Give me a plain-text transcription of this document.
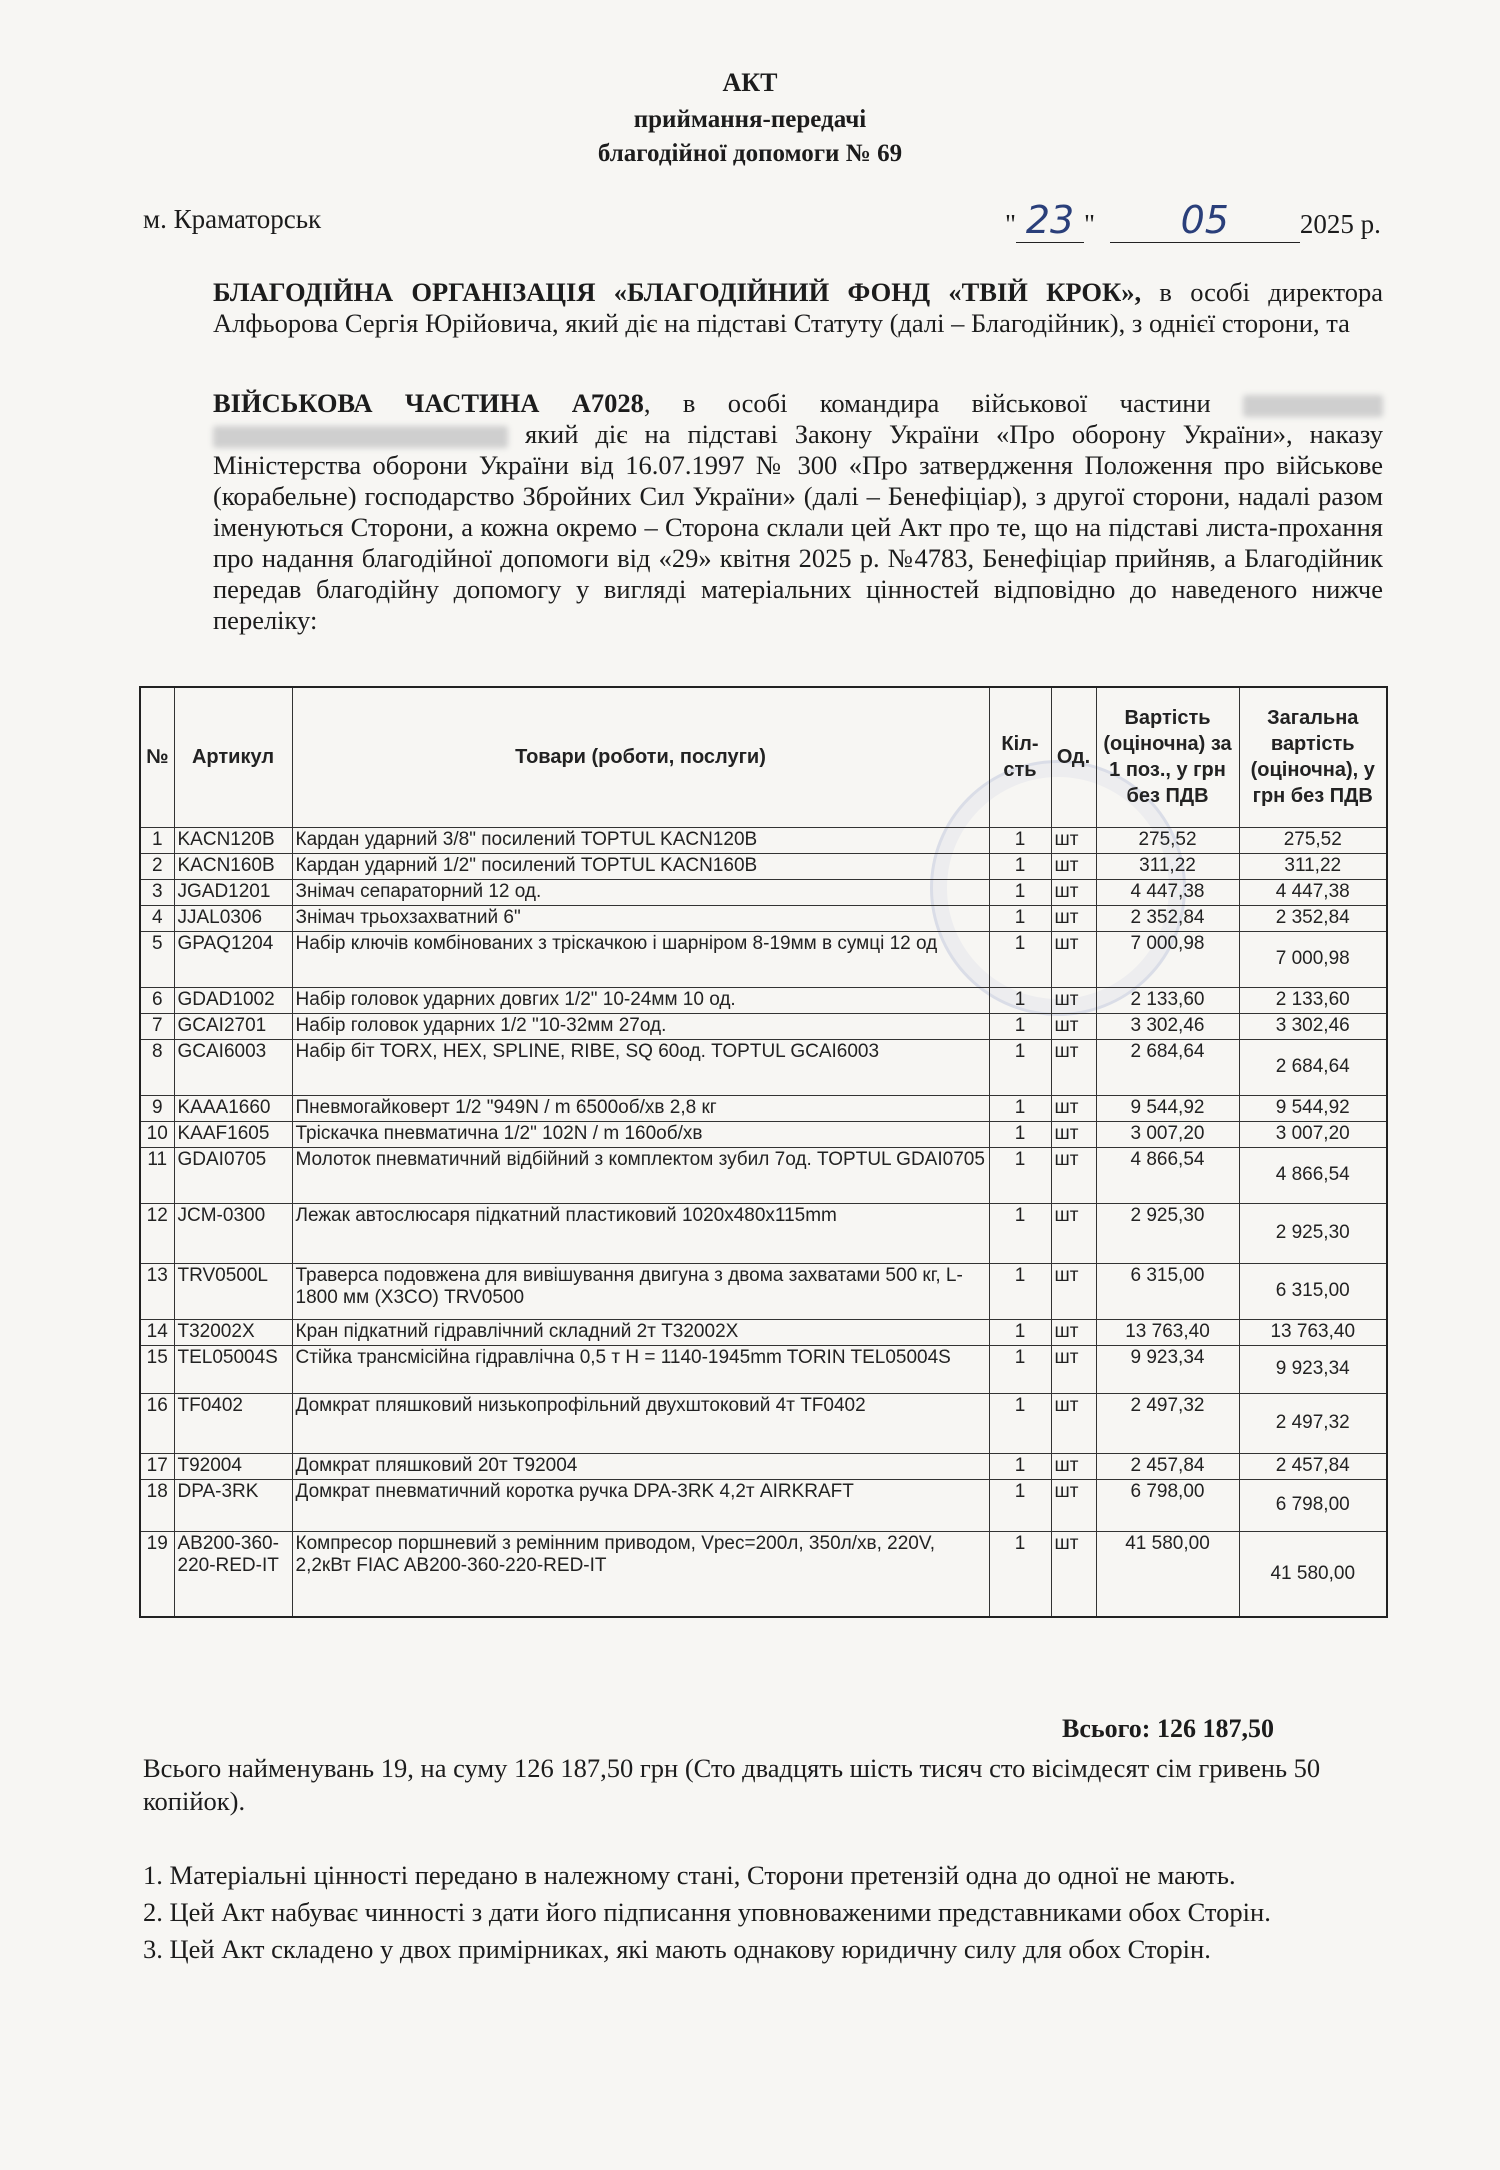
АКТ
приймання-передачі
благодійної допомоги № 69
м. Краматорськ	" 23 " 05	2025 р.

БЛАГОДІЙНА ОРГАНІЗАЦІЯ «БЛАГОДІЙНИЙ ФОНД «ТВІЙ КРОК», в особі директора Алфьорова Сергія Юрійовича, який діє на підставі Статуту (далі – Благодійник), з однієї сторони, та

ВІЙСЬКОВА ЧАСТИНА А7028, в особі командира військової частини   який діє на підставі Закону України «Про оборону України», наказу Міністерства оборони України від 16.07.1997 № 300 «Про затвердження Положення про військове (корабельне) господарство Збройних Сил України» (далі – Бенефіціар), з другої сторони, надалі разом іменуються Сторони, а кожна окремо – Сторона склали цей Акт про те, що на підставі листа-прохання про надання благодійної допомоги від «29» квітня 2025 р. №4783, Бенефіціар прийняв, а Благодійник передав благодійну допомогу у вигляді матеріальних цінностей відповідно до наведеного нижче переліку:

№	Артикул	Товари (роботи, послуги)	Кіл-сть	Од.	Вартість (оціночна) за 1 поз., у грн без ПДВ	Загальна вартість (оціночна), у грн без ПДВ
1	KACN120B	Кардан ударний 3/8" посилений TOPTUL KACN120B	1	шт	275,52	275,52
2	KACN160B	Кардан ударний 1/2" посилений TOPTUL KACN160B	1	шт	311,22	311,22
3	JGAD1201	Знімач сепараторний 12 од.	1	шт	4 447,38	4 447,38
4	JJAL0306	Знімач трьохзахватний 6"	1	шт	2 352,84	2 352,84
5	GPAQ1204	Набір ключів комбінованих з тріскачкою і шарніром 8-19мм в сумці 12 од	1	шт	7 000,98	7 000,98
6	GDAD1002	Набір головок ударних довгих 1/2" 10-24мм 10 од.	1	шт	2 133,60	2 133,60
7	GCAI2701	Набір головок ударних 1/2 "10-32мм 27од.	1	шт	3 302,46	3 302,46
8	GCAI6003	Набір біт TORX, HEX, SPLINE, RIBE, SQ 60од. TOPTUL GCAI6003	1	шт	2 684,64	2 684,64
9	KAAA1660	Пневмогайковерт 1/2 "949N / m 6500об/хв 2,8 кг	1	шт	9 544,92	9 544,92
10	KAAF1605	Тріскачка пневматична 1/2" 102N / m 160об/хв	1	шт	3 007,20	3 007,20
11	GDAI0705	Молоток пневматичний відбійний з комплектом зубил 7од. TOPTUL GDAI0705	1	шт	4 866,54	4 866,54
12	JCM-0300	Лежак автослюсаря підкатний пластиковий 1020х480х115mm	1	шт	2 925,30	2 925,30
13	TRV0500L	Траверса подовжена для вивішування двигуна з двома захватами 500 кг, L-1800 мм (X3CO) TRV0500	1	шт	6 315,00	6 315,00
14	T32002X	Кран підкатний гідравлічний складний 2т T32002X	1	шт	13 763,40	13 763,40
15	TEL05004S	Стійка трансмісійна гідравлічна 0,5 т H = 1140-1945mm TORIN TEL05004S	1	шт	9 923,34	9 923,34
16	TF0402	Домкрат пляшковий низькопрофільний двухштоковий 4т TF0402	1	шт	2 497,32	2 497,32
17	T92004	Домкрат пляшковий 20т T92004	1	шт	2 457,84	2 457,84
18	DPA-3RK	Домкрат пневматичний коротка ручка DPA-3RK 4,2т AIRKRAFT	1	шт	6 798,00	6 798,00
19	AB200-360-220-RED-IT	Компресор поршневий з ремінним приводом, Vрес=200л, 350л/хв, 220V, 2,2кВт FIAC AB200-360-220-RED-IT	1	шт	41 580,00	41 580,00
Всього: 126 187,50
Всього найменувань 19, на суму 126 187,50 грн (Сто двадцять шість тисяч сто вісімдесят сім гривень 50 копійок).

1. Матеріальні цінності передано в належному стані, Сторони претензій одна до одної не мають.

2. Цей Акт набуває чинності з дати його підписання уповноваженими представниками обох Сторін.

3. Цей Акт складено у двох примірниках, які мають однакову юридичну силу для обох Сторін.
